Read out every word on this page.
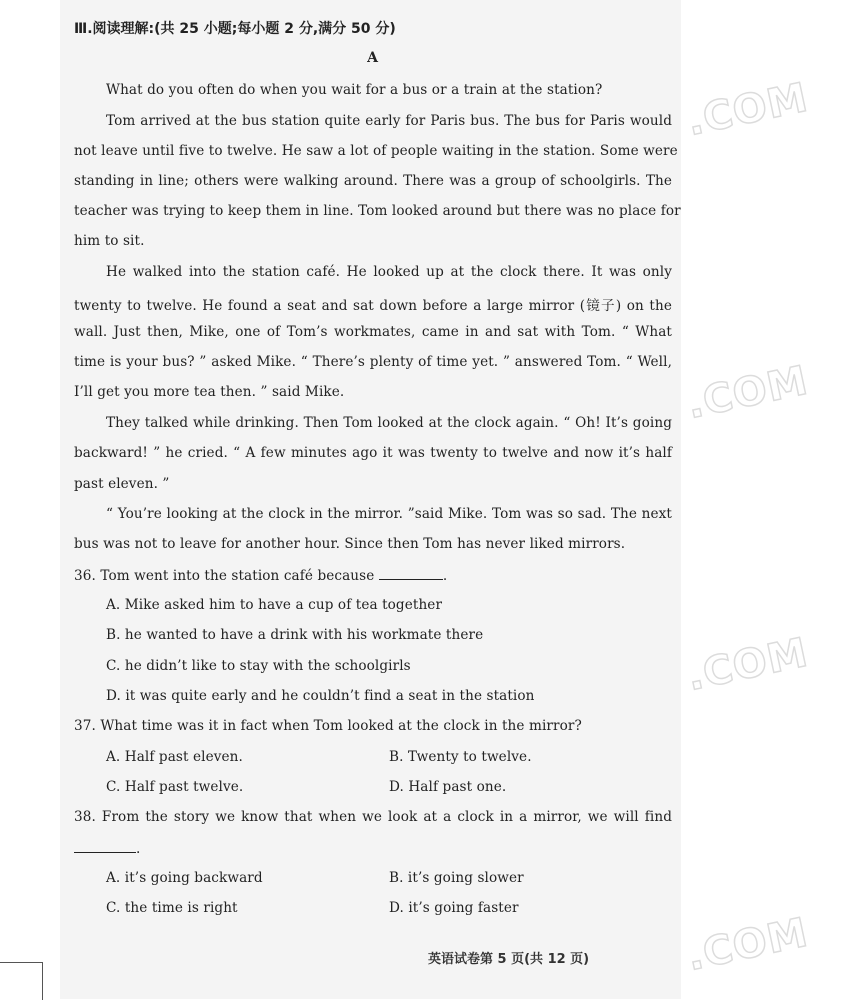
Ⅲ.阅读理解:(共 25 小题;每小题 2 分,满分 50 分)
A
What do you often do when you wait for a bus or a train at the station?
Tom arrived at the bus station quite early for Paris bus. The bus for Paris would
not leave until five to twelve. He saw a lot of people waiting in the station. Some were
standing in line; others were walking around. There was a group of schoolgirls. The
teacher was trying to keep them in line. Tom looked around but there was no place for
him to sit.
He walked into the station café. He looked up at the clock there. It was only
twenty to twelve. He found a seat and sat down before a large mirror (镜子) on the
wall. Just then, Mike, one of Tom’s workmates, came in and sat with Tom. “ What
time is your bus? ” asked Mike. “ There’s plenty of time yet. ” answered Tom. “ Well,
I’ll get you more tea then. ” said Mike.
They talked while drinking. Then Tom looked at the clock again. “ Oh! It’s going
backward! ” he cried. “ A few minutes ago it was twenty to twelve and now it’s half
past eleven. ”
“ You’re looking at the clock in the mirror. ”said Mike. Tom was so sad. The next
bus was not to leave for another hour. Since then Tom has never liked mirrors.
36. Tom went into the station café because	.
A. Mike asked him to have a cup of tea together
B. he wanted to have a drink with his workmate there
C. he didn’t like to stay with the schoolgirls
D. it was quite early and he couldn’t find a seat in the station
37. What time was it in fact when Tom looked at the clock in the mirror?
A. Half past eleven.	B. Twenty to twelve.
C. Half past twelve.	D. Half past one.
38. From the story we know that when we look at a clock in a mirror, we will find
.
A. it’s going backward	B. it’s going slower
C. the time is right	D. it’s going faster
英语试卷第 5 页(共 12 页)
.COM
.COM
.COM
.COM
